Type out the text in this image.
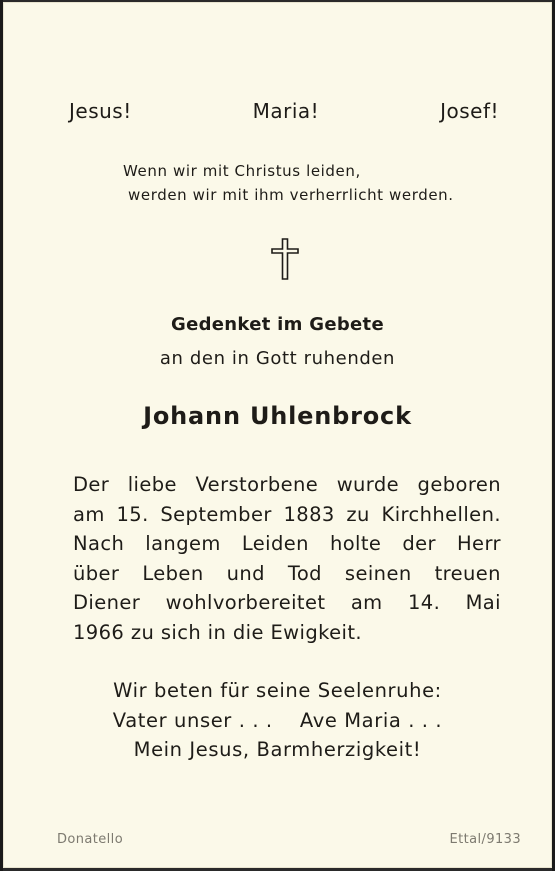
Jesus!	Maria!	Josef!
Wenn wir mit Christus leiden,
werden wir mit ihm verherrlicht werden.
Gedenket im Gebete
an den in Gott ruhenden
Johann Uhlenbrock
Der liebe Verstorbene wurde geboren
am 15. September 1883 zu Kirchhellen.
Nach langem Leiden holte der Herr
über Leben und Tod seinen treuen
Diener wohlvorbereitet am 14. Mai
1966 zu sich in die Ewigkeit.
Wir beten für seine Seelenruhe:
Vater unser . . .    Ave Maria . . .
Mein Jesus, Barmherzigkeit!
Donatello	Ettal/9133
